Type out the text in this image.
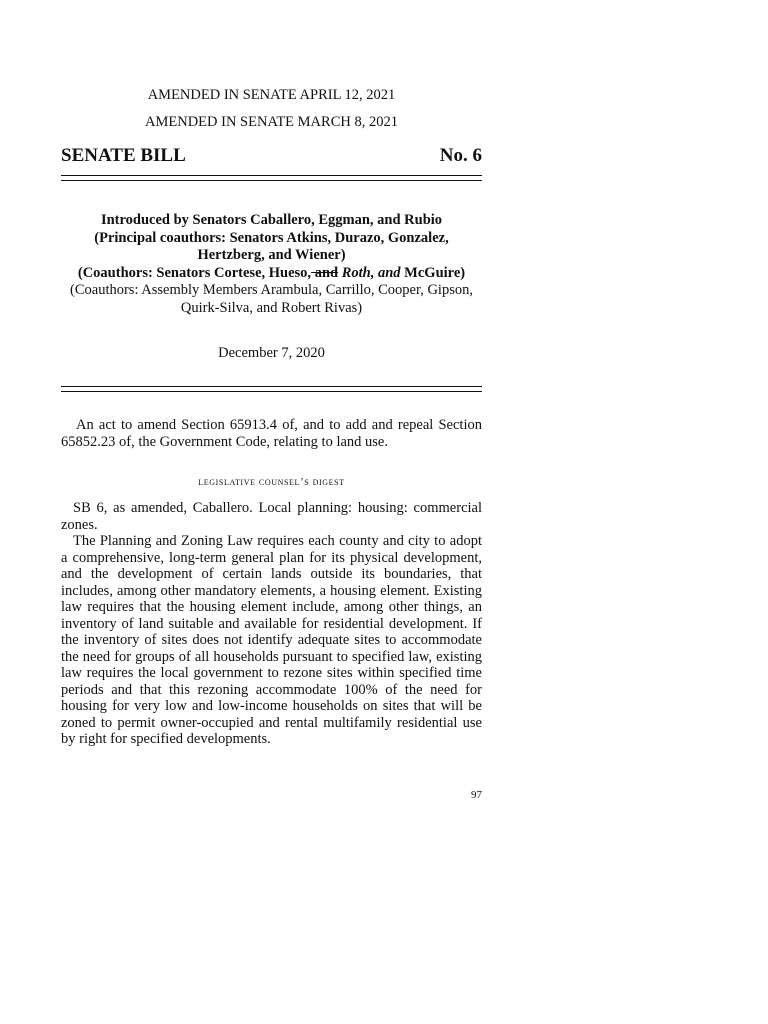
AMENDED IN SENATE APRIL 12, 2021
AMENDED IN SENATE MARCH 8, 2021
SENATE BILL	No. 6
Introduced by Senators Caballero, Eggman, and Rubio
(Principal coauthors: Senators Atkins, Durazo, Gonzalez, Hertzberg, and Wiener)
(Coauthors: Senators Cortese, Hueso, and Roth, and McGuire)
(Coauthors: Assembly Members Arambula, Carrillo, Cooper, Gipson, Quirk-Silva, and Robert Rivas)
December 7, 2020
An act to amend Section 65913.4 of, and to add and repeal Section 65852.23 of, the Government Code, relating to land use.
legislative counsel’s digest

SB 6, as amended, Caballero. Local planning: housing: commercial zones.

The Planning and Zoning Law requires each county and city to adopt a comprehensive, long-term general plan for its physical development, and the development of certain lands outside its boundaries, that includes, among other mandatory elements, a housing element. Existing law requires that the housing element include, among other things, an inventory of land suitable and available for residential development. If the inventory of sites does not identify adequate sites to accommodate the need for groups of all households pursuant to specified law, existing law requires the local government to rezone sites within specified time periods and that this rezoning accommodate 100% of the need for housing for very low and low-income households on sites that will be zoned to permit owner-occupied and rental multifamily residential use by right for specified developments.

97
